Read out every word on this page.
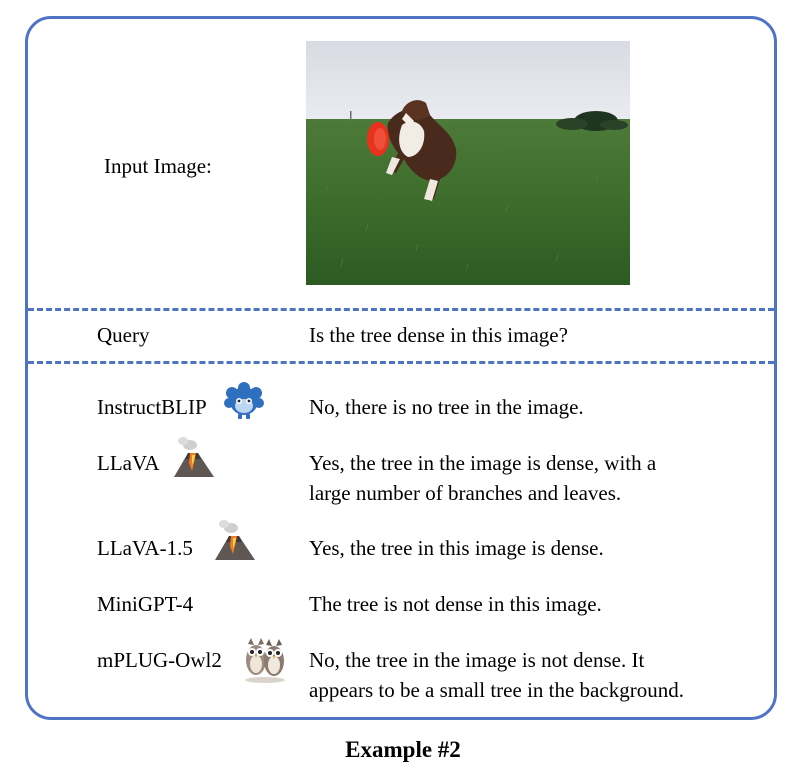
Input Image:
Query	Is the tree dense in this image?
InstructBLIP	No, there is no tree in the image.
LLaVA	Yes, the tree in the image is dense, with a
large number of branches and leaves.
LLaVA-1.5	Yes, the tree in this image is dense.
MiniGPT-4	The tree is not dense in this image.
mPLUG-Owl2	No, the tree in the image is not dense. It
appears to be a small tree in the background.
Example #2
